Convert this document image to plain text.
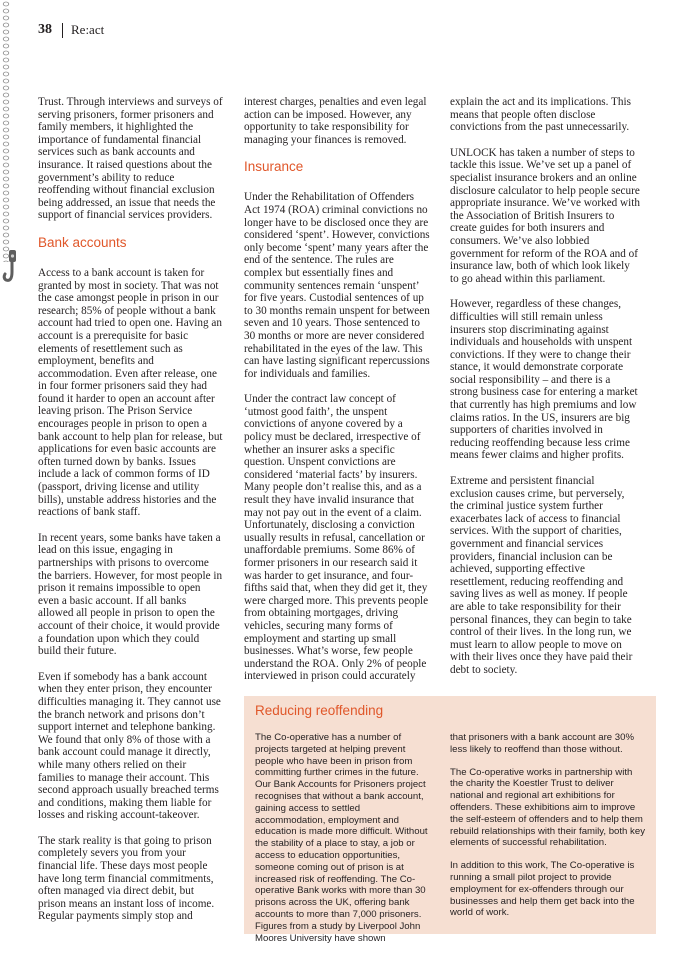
38 Re:act

Trust. Through interviews and surveys of serving prisoners, former prisoners and family members, it highlighted the importance of fundamental financial services such as bank accounts and insurance. It raised questions about the government’s ability to reduce reoffending without financial exclusion being addressed, an issue that needs the support of financial services providers.

Bank accounts

Access to a bank account is taken for granted by most in society. That was not the case amongst people in prison in our research; 85% of people without a bank account had tried to open one. Having an account is a prerequisite for basic elements of resettlement such as employment, benefits and accommodation. Even after release, one in four former prisoners said they had found it harder to open an account after leaving prison. The Prison Service encourages people in prison to open a bank account to help plan for release, but applications for even basic accounts are often turned down by banks. Issues include a lack of common forms of ID (passport, driving license and utility bills), unstable address histories and the reactions of bank staff.

In recent years, some banks have taken a lead on this issue, engaging in partnerships with prisons to overcome the barriers. However, for most people in prison it remains impossible to open even a basic account. If all banks allowed all people in prison to open the account of their choice, it would provide a foundation upon which they could build their future.

Even if somebody has a bank account when they enter prison, they encounter difficulties managing it. They cannot use the branch network and prisons don’t support internet and telephone banking. We found that only 8% of those with a bank account could manage it directly, while many others relied on their families to manage their account. This second approach usually breached terms and conditions, making them liable for losses and risking account-takeover.

The stark reality is that going to prison completely severs you from your financial life. These days most people have long term financial commitments, often managed via direct debit, but prison means an instant loss of income. Regular payments simply stop and

interest charges, penalties and even legal action can be imposed. However, any opportunity to take responsibility for managing your finances is removed.

Insurance

Under the Rehabilitation of Offenders Act 1974 (ROA) criminal convictions no longer have to be disclosed once they are considered ‘spent’. However, convictions only become ‘spent’ many years after the end of the sentence. The rules are complex but essentially fines and community sentences remain ‘unspent’ for five years. Custodial sentences of up to 30 months remain unspent for between seven and 10 years. Those sentenced to 30 months or more are never considered rehabilitated in the eyes of the law. This can have lasting significant repercussions for individuals and families.

Under the contract law concept of ‘utmost good faith’, the unspent convictions of anyone covered by a policy must be declared, irrespective of whether an insurer asks a specific question. Unspent convictions are considered ‘material facts’ by insurers. Many people don’t realise this, and as a result they have invalid insurance that may not pay out in the event of a claim. Unfortunately, disclosing a conviction usually results in refusal, cancellation or unaffordable premiums. Some 86% of former prisoners in our research said it was harder to get insurance, and four-fifths said that, when they did get it, they were charged more. This prevents people from obtaining mortgages, driving vehicles, securing many forms of employment and starting up small businesses. What’s worse, few people understand the ROA. Only 2% of people interviewed in prison could accurately

explain the act and its implications. This means that people often disclose convictions from the past unnecessarily.

UNLOCK has taken a number of steps to tackle this issue. We’ve set up a panel of specialist insurance brokers and an online disclosure calculator to help people secure appropriate insurance. We’ve worked with the Association of British Insurers to create guides for both insurers and consumers. We’ve also lobbied government for reform of the ROA and of insurance law, both of which look likely to go ahead within this parliament.

However, regardless of these changes, difficulties will still remain unless insurers stop discriminating against individuals and households with unspent convictions. If they were to change their stance, it would demonstrate corporate social responsibility – and there is a strong business case for entering a market that currently has high premiums and low claims ratios. In the US, insurers are big supporters of charities involved in reducing reoffending because less crime means fewer claims and higher profits.

Extreme and persistent financial exclusion causes crime, but perversely, the criminal justice system further exacerbates lack of access to financial services. With the support of charities, government and financial services providers, financial inclusion can be achieved, supporting effective resettlement, reducing reoffending and saving lives as well as money. If people are able to take responsibility for their personal finances, they can begin to take control of their lives. In the long run, we must learn to allow people to move on with their lives once they have paid their debt to society.

Reducing reoffending

The Co-operative has a number of projects targeted at helping prevent people who have been in prison from committing further crimes in the future. Our Bank Accounts for Prisoners project recognises that without a bank account, gaining access to settled accommodation, employment and education is made more difficult. Without the stability of a place to stay, a job or access to education opportunities, someone coming out of prison is at increased risk of reoffending. The Co-operative Bank works with more than 30 prisons across the UK, offering bank accounts to more than 7,000 prisoners. Figures from a study by Liverpool John Moores University have shown

that prisoners with a bank account are 30% less likely to reoffend than those without.

The Co-operative works in partnership with the charity the Koestler Trust to deliver national and regional art exhibitions for offenders. These exhibitions aim to improve the self-esteem of offenders and to help them rebuild relationships with their family, both key elements of successful rehabilitation.

In addition to this work, The Co-operative is running a small pilot project to provide employment for ex-offenders through our businesses and help them get back into the world of work.
